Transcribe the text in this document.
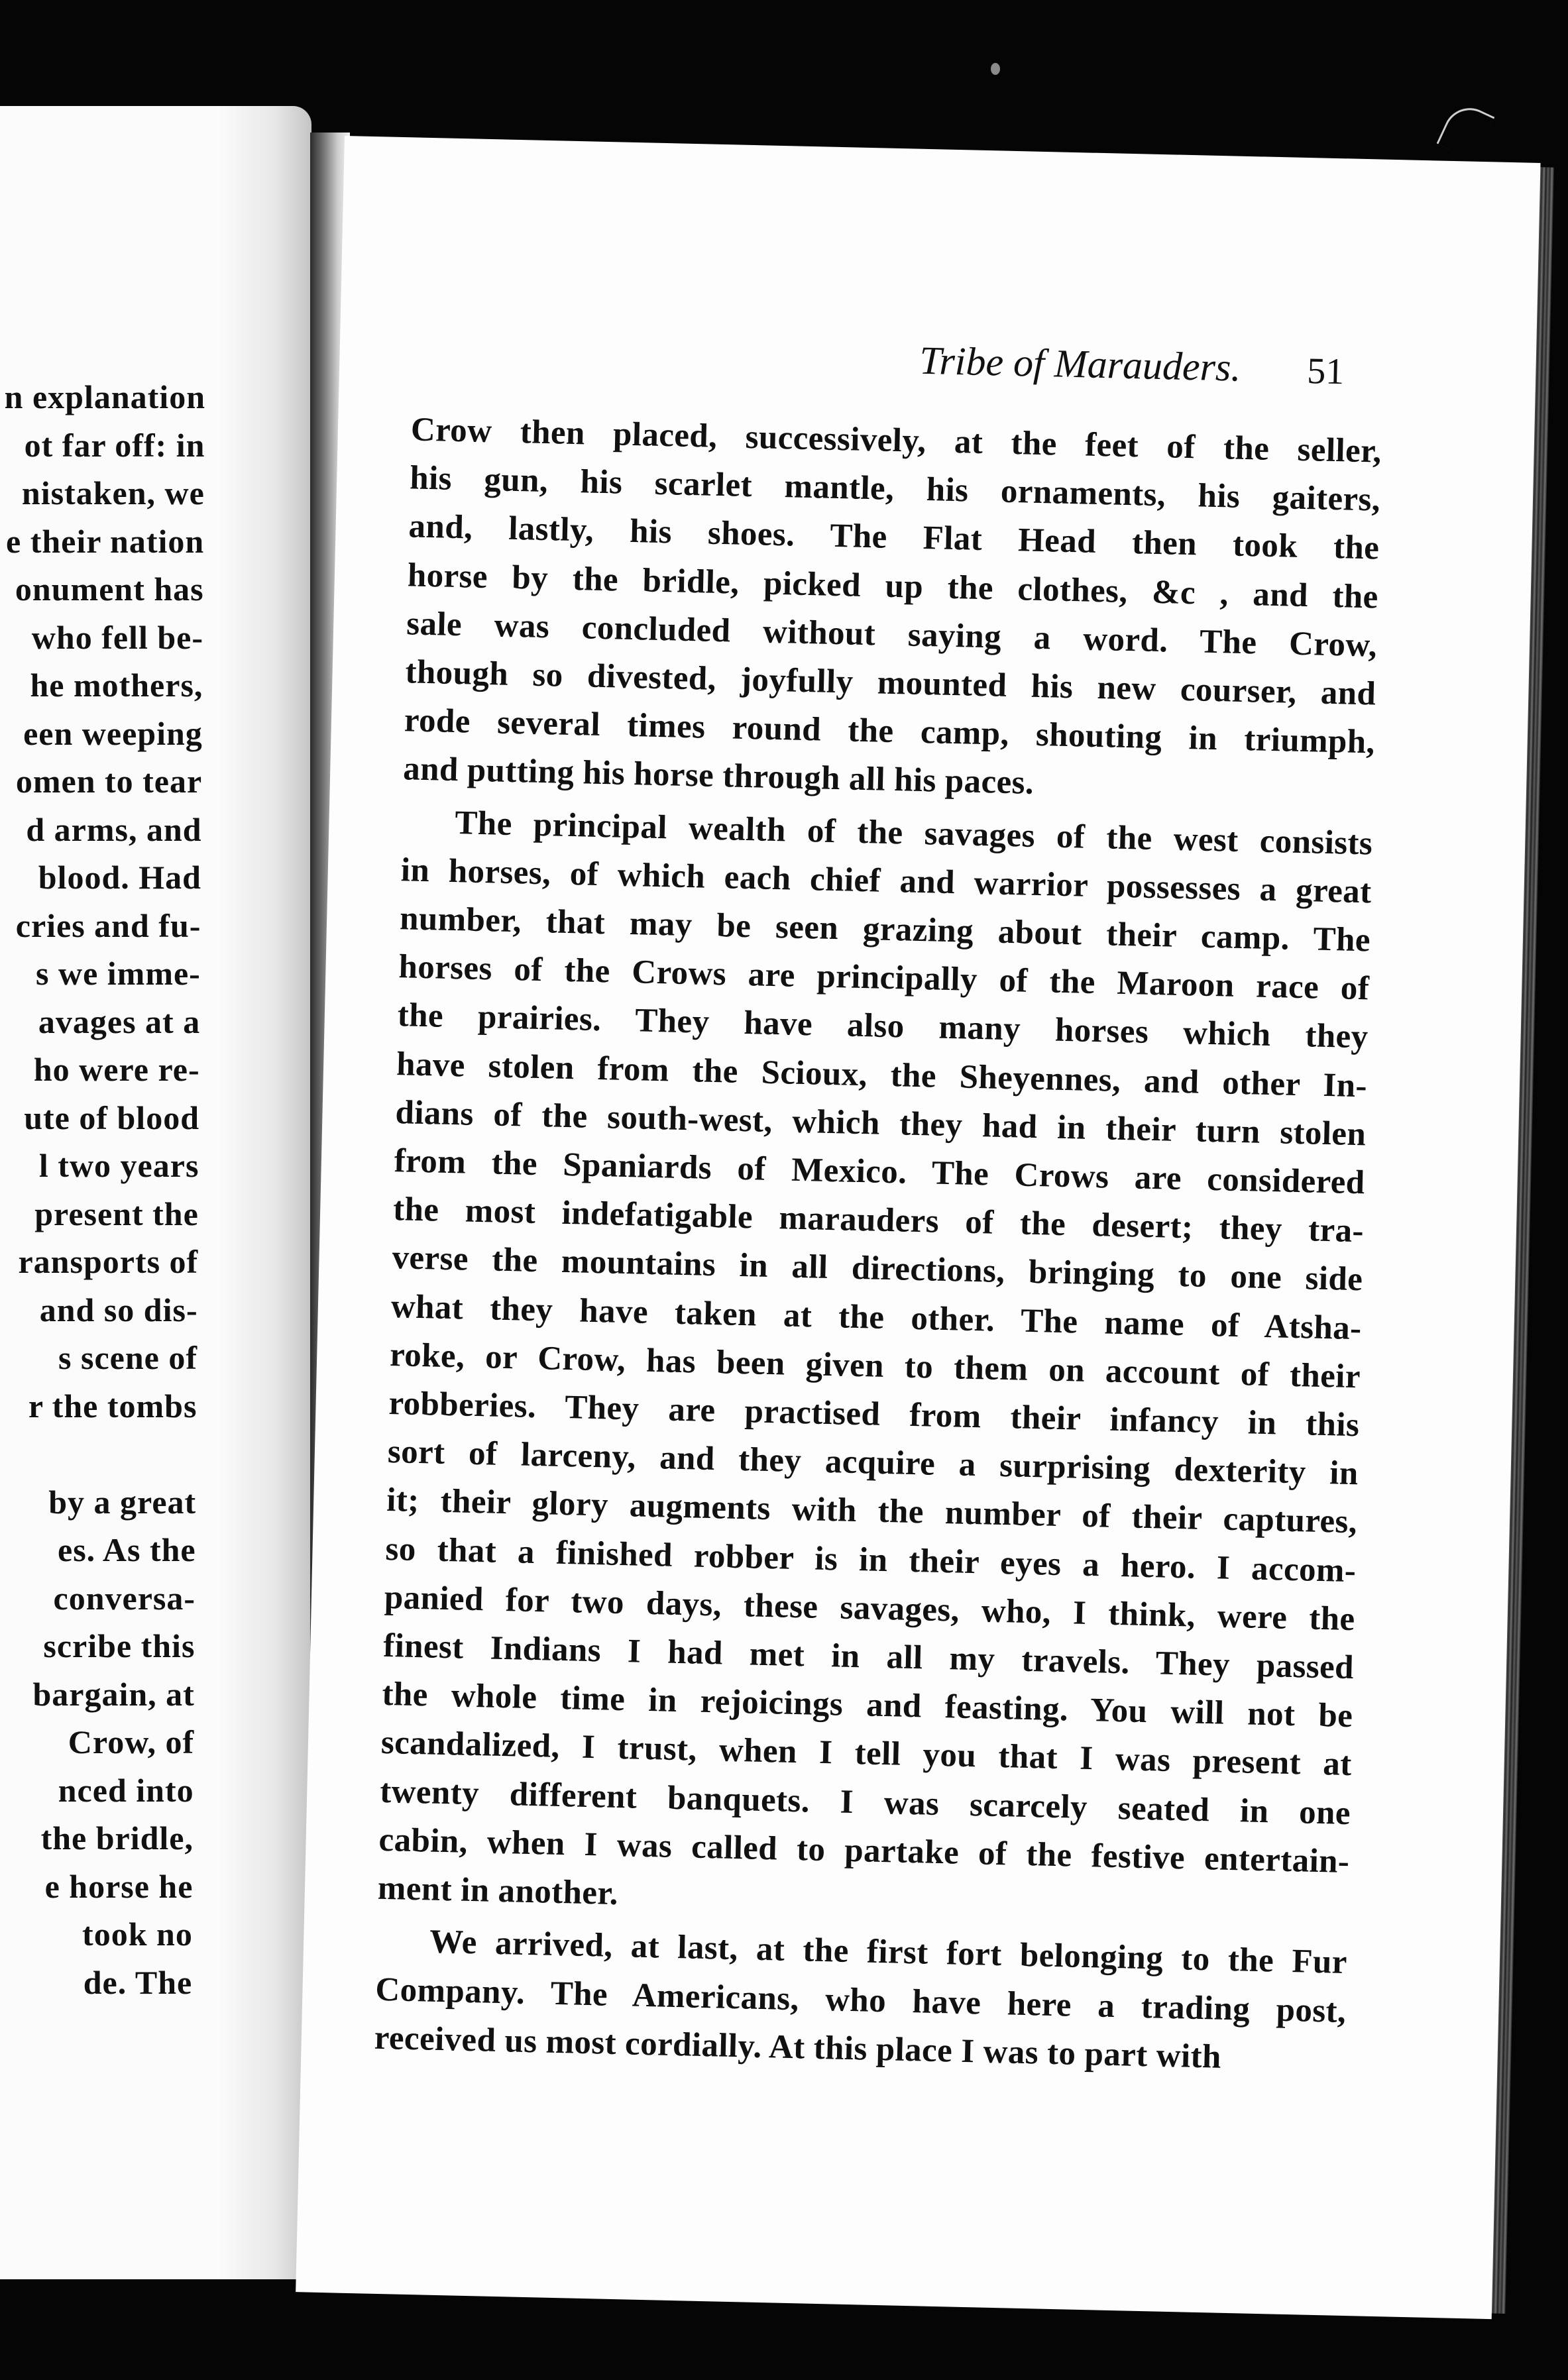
n explanation
ot far off: in
nistaken, we
e their nation
onument has
who fell be-
he mothers,
een weeping
omen to tear
d arms, and
blood. Had
cries and fu-
s we imme-
avages at a
ho were re-
ute of blood
l two years
present the
ransports of
and so dis-
s scene of
r the tombs
by a great
es. As the
conversa-
scribe this
bargain, at
Crow, of
nced into
the bridle,
e horse he
took no
de. The
Tribe of Marauders. 51
Crow then placed, successively, at the feet of the seller,
his gun, his scarlet mantle, his ornaments, his gaiters,
and, lastly, his shoes. The Flat Head then took the
horse by the bridle, picked up the clothes, &c , and the
sale was concluded without saying a word. The Crow,
though so divested, joyfully mounted his new courser, and
rode several times round the camp, shouting in triumph,
and putting his horse through all his paces.
The principal wealth of the savages of the west consists
in horses, of which each chief and warrior possesses a great
number, that may be seen grazing about their camp. The
horses of the Crows are principally of the Maroon race of
the prairies. They have also many horses which they
have stolen from the Scioux, the Sheyennes, and other In-
dians of the south-west, which they had in their turn stolen
from the Spaniards of Mexico. The Crows are considered
the most indefatigable marauders of the desert; they tra-
verse the mountains in all directions, bringing to one side
what they have taken at the other. The name of Atsha-
roke, or Crow, has been given to them on account of their
robberies. They are practised from their infancy in this
sort of larceny, and they acquire a surprising dexterity in
it; their glory augments with the number of their captures,
so that a finished robber is in their eyes a hero. I accom-
panied for two days, these savages, who, I think, were the
finest Indians I had met in all my travels. They passed
the whole time in rejoicings and feasting. You will not be
scandalized, I trust, when I tell you that I was present at
twenty different banquets. I was scarcely seated in one
cabin, when I was called to partake of the festive entertain-
ment in another.
We arrived, at last, at the first fort belonging to the Fur
Company. The Americans, who have here a trading post,
received us most cordially. At this place I was to part with
